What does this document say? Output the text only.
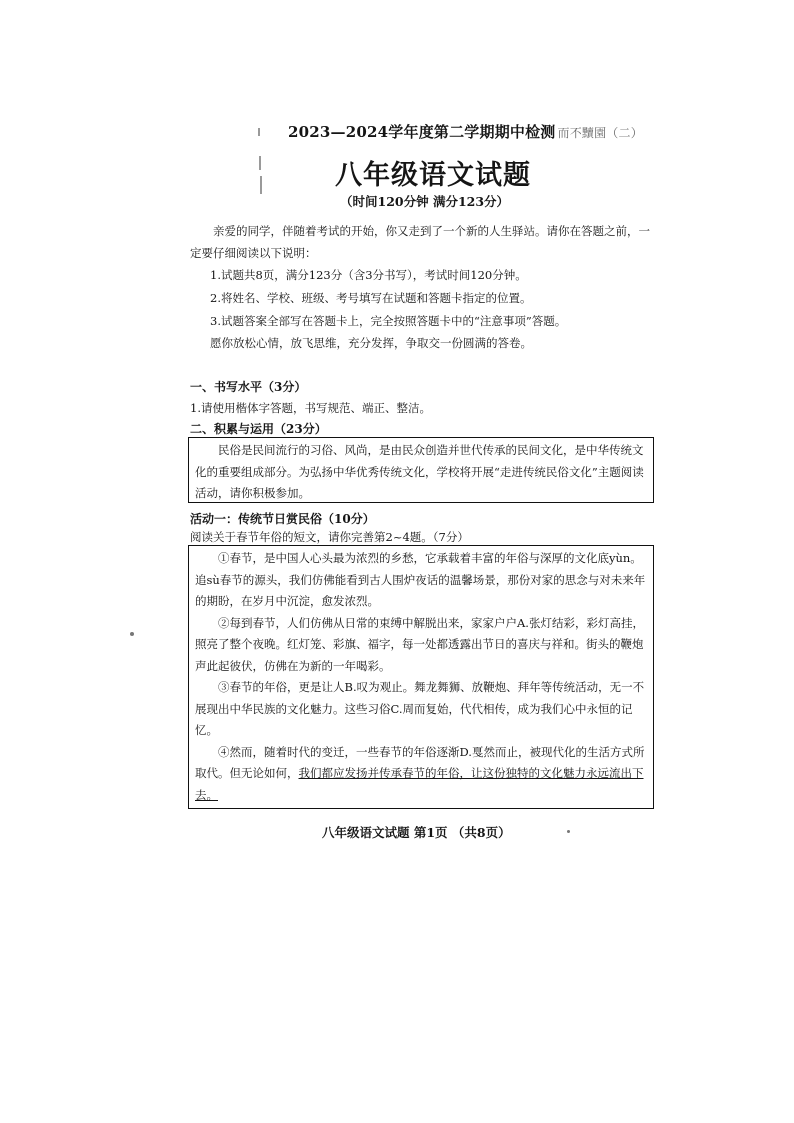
2023—2024学年度第二学期期中检测 而不黷園（二）
八年级语文试题
（时间120分钟 满分123分）
亲爱的同学，伴随着考试的开始，你又走到了一个新的人生驿站。请你在答题之前，一定要仔细阅读以下说明：
1.试题共8页，满分123分（含3分书写），考试时间120分钟。
2.将姓名、学校、班级、考号填写在试题和答题卡指定的位置。
3.试题答案全部写在答题卡上，完全按照答题卡中的“注意事项”答题。
愿你放松心情，放飞思维，充分发挥，争取交一份圆满的答卷。
一、书写水平（3分）
1.请使用楷体字答题，书写规范、端正、整洁。
二、积累与运用（23分）

民俗是民间流行的习俗、风尚，是由民众创造并世代传承的民间文化，是中华传统文化的重要组成部分。为弘扬中华优秀传统文化，学校将开展“走进传统民俗文化”主题阅读活动，请你积极参加。

活动一：传统节日赏民俗（10分）
阅读关于春节年俗的短文，请你完善第2~4题。（7分）

①春节，是中国人心头最为浓烈的乡愁，它承载着丰富的年俗与深厚的文化底yùn。追sù春节的源头，我们仿佛能看到古人围炉夜话的温馨场景，那份对家的思念与对未来年的期盼，在岁月中沉淀，愈发浓烈。

②每到春节，人们仿佛从日常的束缚中解脱出来，家家户户A.张灯结彩，彩灯高挂，照亮了整个夜晚。红灯笼、彩旗、福字，每一处都透露出节日的喜庆与祥和。街头的鞭炮声此起彼伏，仿佛在为新的一年喝彩。

③春节的年俗，更是让人B.叹为观止。舞龙舞狮、放鞭炮、拜年等传统活动，无一不展现出中华民族的文化魅力。这些习俗C.周而复始，代代相传，成为我们心中永恒的记忆。

④然而，随着时代的变迁，一些春节的年俗逐渐D.戛然而止，被现代化的生活方式所取代。但无论如何，我们都应发扬并传承春节的年俗，让这份独特的文化魅力永远流出下去。

八年级语文试题 第1页 （共8页）
